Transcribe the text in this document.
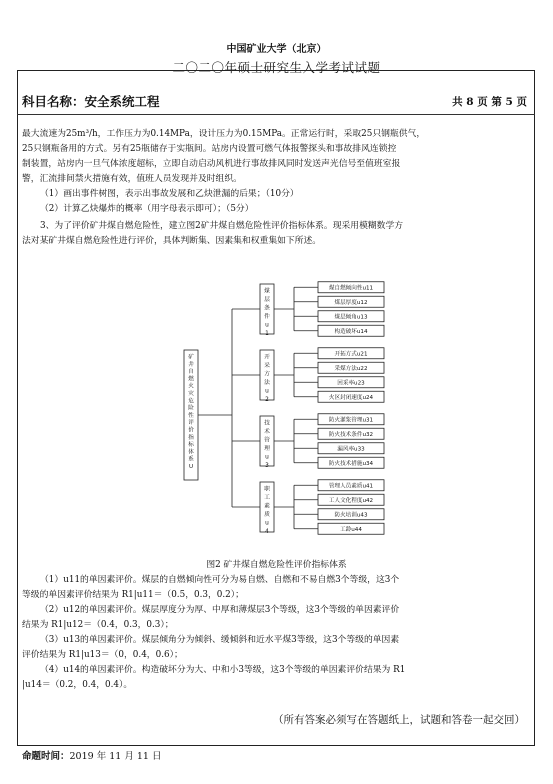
中国矿业大学（北京）
二〇二〇年硕士研究生入学考试试题
科目名称：安全系统工程	共 8 页 第 5 页
最大流速为25m³/h，工作压力为0.14MPa，设计压力为0.15MPa。正常运行时，采取25只钢瓶供气，
25只钢瓶备用的方式。另有25瓶储存于实瓶间。站房内设置可燃气体报警探头和事故排风连锁控
制装置，站房内一旦气体浓度超标，立即自动启动风机进行事故排风同时发送声光信号至值班室报
警，汇流排间禁火措施有效，值班人员发现并及时组织。
（1）画出事件树图，表示出事故发展和乙炔泄漏的后果；（10分）
（2）计算乙炔爆炸的概率（用字母表示即可）；（5分）
3、为了评价矿井煤自燃危险性，建立图2矿井煤自燃危险性评价指标体系。现采用模糊数学方
法对某矿井煤自燃危险性进行评价，具体判断集、因素集和权重集如下所述。
矿
井
自
燃
火
灾
危
险
性
评
价
指
标
体
系
U
煤
层
条
件
u
1
煤自燃倾向性u11
煤层厚度u12
煤层倾角u13
构造破坏u14
开
采
方
法
u
2
开拓方式u21
采煤方法u22
回采率u23
火区封闭速度u24
技
术
管
理
u
3
防火灌浆管理u31
防火技术条件u32
漏风率u33
防火技术措施u34
职
工
素
质
u
4
管理人员素质u41
工人文化程度u42
防火培训u43
工龄u44
图2 矿井煤自燃危险性评价指标体系
（1）u11的单因素评价。煤层的自燃倾向性可分为易自燃、自燃和不易自燃3个等级，这3个
等级的单因素评价结果为 R1|u11＝（0.5，0.3，0.2）；
（2）u12的单因素评价。煤层厚度分为厚、中厚和薄煤层3个等级，这3个等级的单因素评价
结果为 R1|u12＝（0.4，0.3，0.3）；
（3）u13的单因素评价。煤层倾角分为倾斜、缓倾斜和近水平煤3等级，这3个等级的单因素
评价结果为 R1|u13＝（0，0.4，0.6）；
（4）u14的单因素评价。构造破坏分为大、中和小3等级，这3个等级的单因素评价结果为 R1
|u14＝（0.2，0.4，0.4）。
（所有答案必须写在答题纸上，试题和答卷一起交回）
命题时间：2019 年 11 月 11 日
